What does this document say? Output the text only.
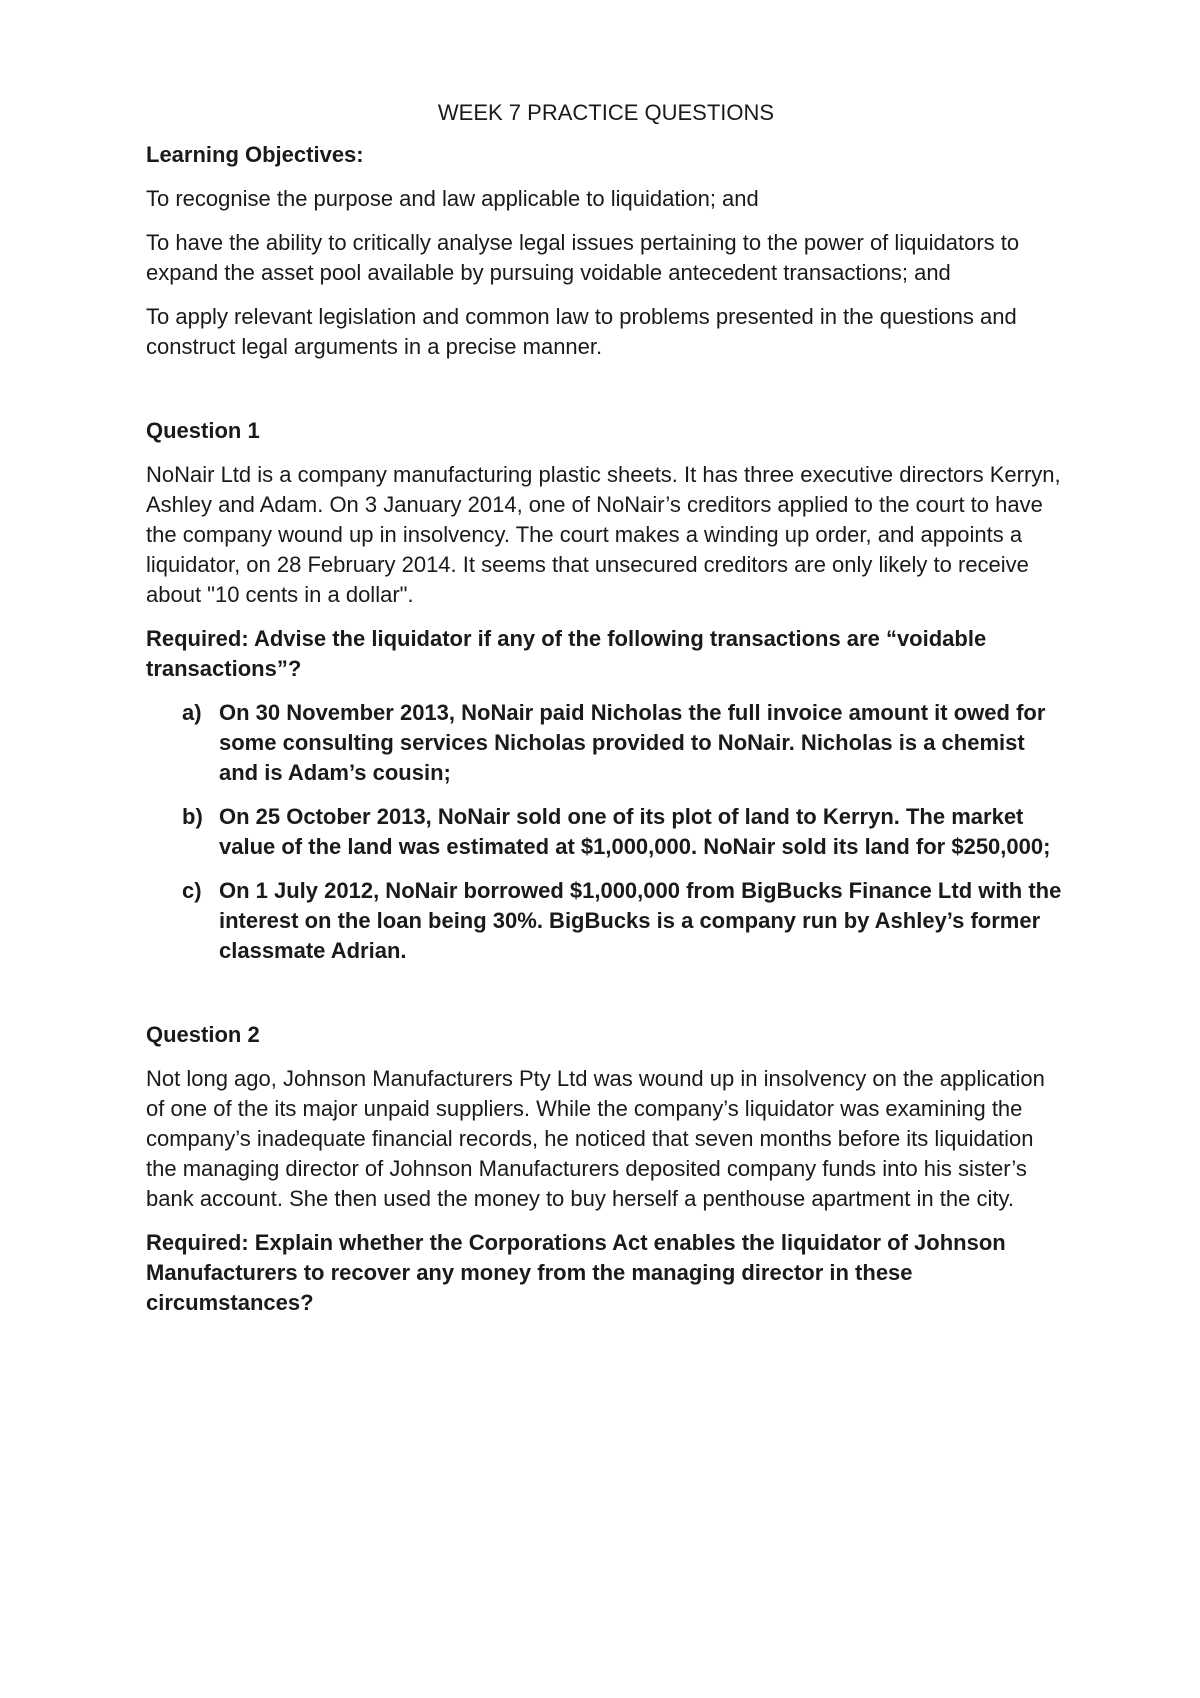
WEEK 7 PRACTICE QUESTIONS
Learning Objectives:

To recognise the purpose and law applicable to liquidation; and

To have the ability to critically analyse legal issues pertaining to the power of liquidators to expand the asset pool available by pursuing voidable antecedent transactions; and

To apply relevant legislation and common law to problems presented in the questions and construct legal arguments in a precise manner.

Question 1

NoNair Ltd is a company manufacturing plastic sheets. It has three executive directors Kerryn, Ashley and Adam. On 3 January 2014, one of NoNair’s creditors applied to the court to have the company wound up in insolvency. The court makes a winding up order, and appoints a liquidator, on 28 February 2014. It seems that unsecured creditors are only likely to receive about "10 cents in a dollar".

Required: Advise the liquidator if any of the following transactions are “voidable transactions”?

a) On 30 November 2013, NoNair paid Nicholas the full invoice amount it owed for some consulting services Nicholas provided to NoNair. Nicholas is a chemist and is Adam’s cousin;
b) On 25 October 2013, NoNair sold one of its plot of land to Kerryn. The market value of the land was estimated at $1,000,000. NoNair sold its land for $250,000;
c) On 1 July 2012, NoNair borrowed $1,000,000 from BigBucks Finance Ltd with the interest on the loan being 30%. BigBucks is a company run by Ashley’s former classmate Adrian.
Question 2

Not long ago, Johnson Manufacturers Pty Ltd was wound up in insolvency on the application of one of the its major unpaid suppliers. While the company’s liquidator was examining the company’s inadequate financial records, he noticed that seven months before its liquidation the managing director of Johnson Manufacturers deposited company funds into his sister’s bank account. She then used the money to buy herself a penthouse apartment in the city.

Required: Explain whether the Corporations Act enables the liquidator of Johnson Manufacturers to recover any money from the managing director in these circumstances?
